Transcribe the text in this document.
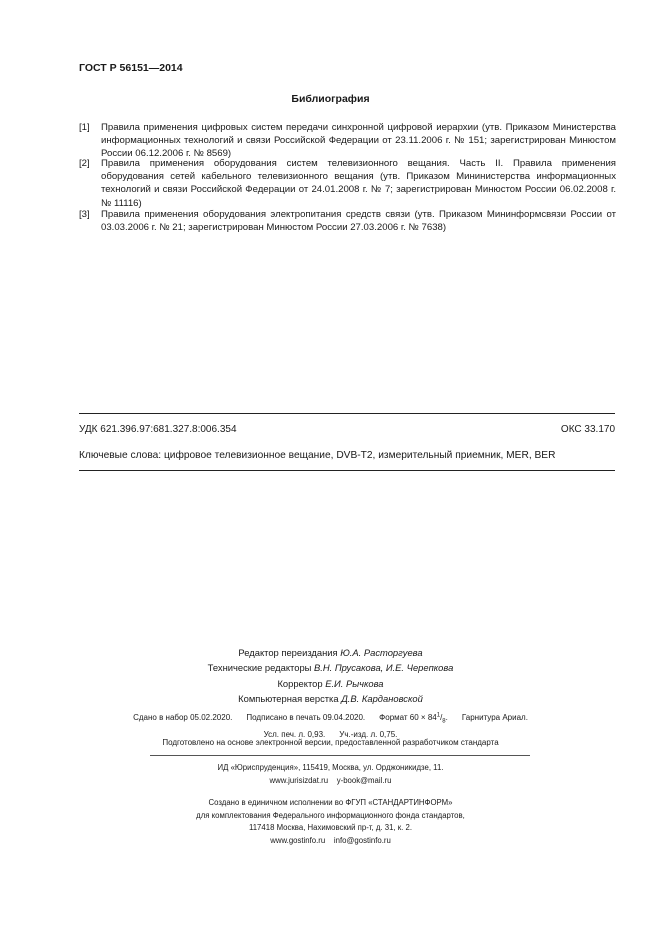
ГОСТ Р 56151—2014
Библиография
[1]	Правила применения цифровых систем передачи синхронной цифровой иерархии (утв. Приказом Министерства информационных технологий и связи Российской Федерации от 23.11.2006 г. № 151; зарегистрирован Минюстом России 06.12.2006 г. № 8569)
[2]	Правила применения оборудования систем телевизионного вещания. Часть II. Правила применения оборудования сетей кабельного телевизионного вещания (утв. Приказом Мининистерства информационных технологий и связи Российской Федерации от 24.01.2008 г. № 7; зарегистрирован Минюстом России 06.02.2008 г. № 11116)
[3]	Правила применения оборудования электропитания средств связи (утв. Приказом Мининформсвязи России от 03.03.2006 г. № 21; зарегистрирован Минюстом России 27.03.2006 г. № 7638)
УДК 621.396.97:681.327.8:006.354	ОКС 33.170
Ключевые слова: цифровое телевизионное вещание, DVB-T2, измерительный приемник, MER, BER
Редактор переиздания Ю.А. Расторгуева
Технические редакторы В.Н. Прусакова, И.Е. Черепкова
Корректор Е.И. Рычкова
Компьютерная верстка Д.В. Кардановской
Сдано в набор 05.02.2020. Подписано в печать 09.04.2020. Формат $60 \times 84^1/_8$. Гарнитура Ариал.
Усл. печ. л. 0,93. Уч.-изд. л. 0,75.
Подготовлено на основе электронной версии, предоставленной разработчиком стандарта
ИД «Юриспруденция», 115419, Москва, ул. Орджоникидзе, 11.
www.jurisizdat.ru y-book@mail.ru
Создано в единичном исполнении во ФГУП «СТАНДАРТИНФОРМ»
для комплектования Федерального информационного фонда стандартов,
117418 Москва, Нахимовский пр-т, д. 31, к. 2.
www.gostinfo.ru info@gostinfo.ru
